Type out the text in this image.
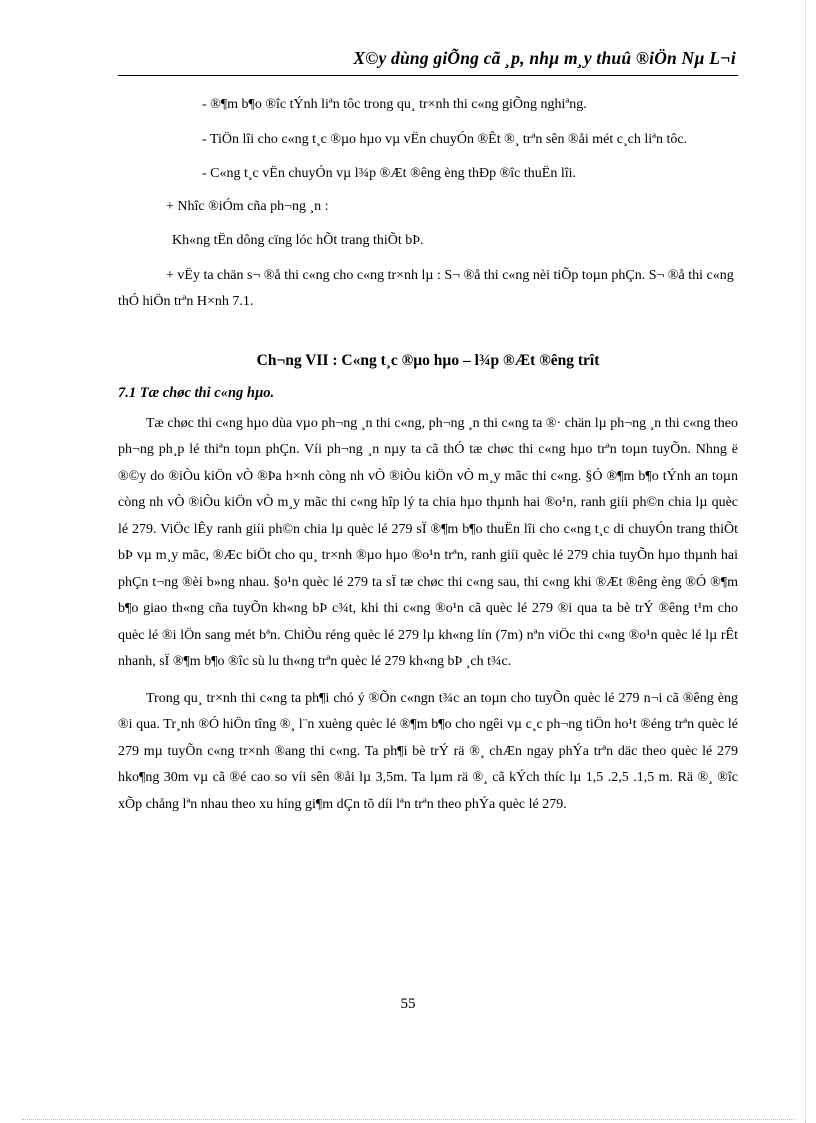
X©y dùng giÕng cã ¸p, nhµ m¸y thuû ®iÖn Nµ L¬i

- ®¶m b¶o ®îc tÝnh liªn tôc trong qu¸ tr×nh thi c«ng giÕng nghiªng.

- TiÖn lîi cho c«ng t¸c ®µo hµo vµ vËn chuyÓn ®Êt ®¸ trªn sên ®åi mét c¸ch liªn tôc.

- C«ng t¸c vËn chuyÓn vµ l¾p ®Æt ®êng èng thÐp ®îc thuËn lîi.

+ Nhîc ®iÓm cña ph¬ng ¸n :

Kh«ng tËn dông cïng lóc hÕt trang thiÕt bÞ.

+ vËy ta chän s¬ ®å thi c«ng cho c«ng tr×nh lµ : S¬ ®å thi c«ng nèi tiÕp toµn phÇn. S¬ ®å thi c«ng thÓ hiÖn trªn H×nh 7.1.

Ch¬ng VII : C«ng t¸c ®µo hµo – l¾p ®Æt ®êng trît

7.1 Tæ chøc thi c«ng hµo.

Tæ chøc thi c«ng hµo dùa vµo ph¬ng ¸n thi c«ng, ph¬ng ¸n thi c«ng ta ®· chän lµ ph¬ng ¸n thi c«ng theo ph¬ng ph¸p lé thiªn toµn phÇn. Víi ph¬ng ¸n nµy ta cã thÓ tæ chøc thi c«ng hµo trªn toµn tuyÕn. Nhng ë ®©y do ®iÒu kiÖn vÒ ®Þa h×nh còng nh vÒ ®iÒu kiÖn vÒ m¸y mãc thi c«ng. §Ó ®¶m b¶o tÝnh an toµn còng nh vÒ ®iÒu kiÖn vÒ m¸y mãc thi c«ng hîp lý ta chia hµo thµnh hai ®o¹n, ranh giíi ph©n chia lµ quèc lé 279. ViÖc lÊy ranh giíi ph©n chia lµ quèc lé 279 sÏ ®¶m b¶o thuËn lîi cho c«ng t¸c di chuyÓn trang thiÕt bÞ vµ m¸y mãc, ®Æc biÖt cho qu¸ tr×nh ®µo hµo ®o¹n trªn, ranh giíi quèc lé 279 chia tuyÕn hµo thµnh hai phÇn t¬ng ®èi b»ng nhau. §o¹n quèc lé 279 ta sÏ tæ chøc thi c«ng sau, thi c«ng khi ®Æt ®êng èng ®Ó ®¶m b¶o giao th«ng cña tuyÕn kh«ng bÞ c¾t, khi thi c«ng ®o¹n cã quèc lé 279 ®i qua ta bè trÝ ®êng t¹m cho quèc lé ®i lÖn sang mét bªn. ChiÒu réng quèc lé 279 lµ kh«ng lín (7m) nªn viÖc thi c«ng ®o¹n quèc lé lµ rÊt nhanh, sÏ ®¶m b¶o ®îc sù lu th«ng trªn quèc lé 279 kh«ng bÞ ¸ch t¾c.

Trong qu¸ tr×nh thi c«ng ta ph¶i chó ý ®Õn c«ngn t¾c an toµn cho tuyÕn quèc lé 279 n¬i cã ®êng èng ®i qua. Tr¸nh ®Ó hiÖn tîng ®¸ l¨n xuèng quèc lé ®¶m b¶o cho ngêi vµ c¸c ph¬ng tiÖn ho¹t ®éng trªn quèc lé 279 mµ tuyÕn c«ng tr×nh ®ang thi c«ng. Ta ph¶i bè trÝ rä ®¸ chÆn ngay phÝa trªn däc theo quèc lé 279 hko¶ng 30m vµ cã ®é cao so víi sên ®åi lµ 3,5m. Ta lµm rä ®¸ cã kÝch thíc lµ 1,5 .2,5 .1,5 m. Rä ®¸ ®îc xÕp chång lªn nhau theo xu híng gi¶m dÇn tõ díi lªn trªn theo phÝa quèc lé 279.

55
